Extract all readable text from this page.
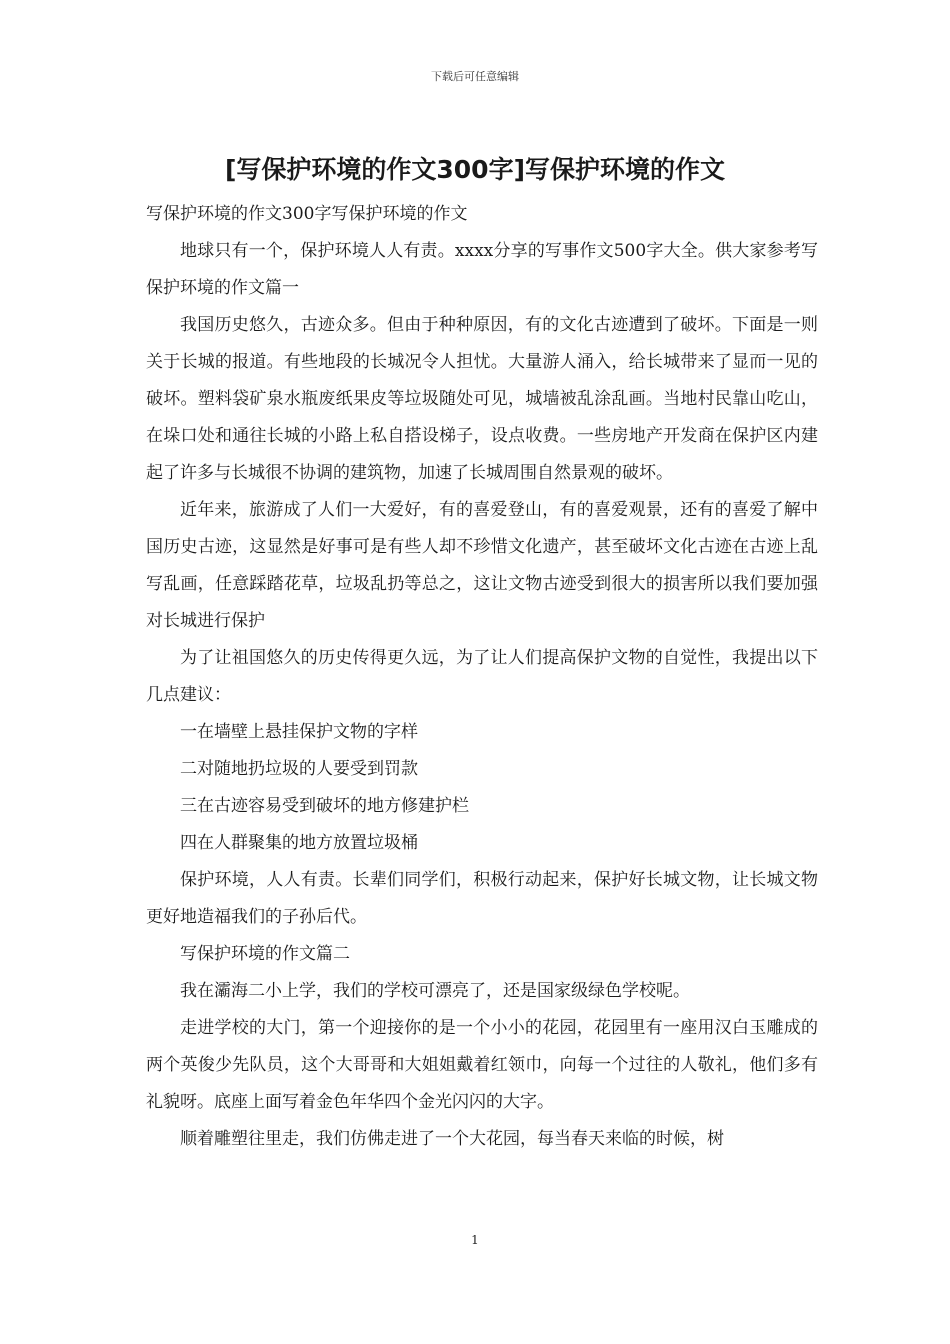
下载后可任意编辑
[写保护环境的作文300字]写保护环境的作文

写保护环境的作文300字写保护环境的作文

地球只有一个，保护环境人人有责。xxxx分享的写事作文500字大全。供大家参考写保护环境的作文篇一

我国历史悠久，古迹众多。但由于种种原因，有的文化古迹遭到了破坏。下面是一则关于长城的报道。有些地段的长城况令人担忧。大量游人涌入，给长城带来了显而一见的破坏。塑料袋矿泉水瓶废纸果皮等垃圾随处可见，城墙被乱涂乱画。当地村民靠山吃山，在垛口处和通往长城的小路上私自搭设梯子，设点收费。一些房地产开发商在保护区内建起了许多与长城很不协调的建筑物，加速了长城周围自然景观的破坏。

近年来，旅游成了人们一大爱好，有的喜爱登山，有的喜爱观景，还有的喜爱了解中国历史古迹，这显然是好事可是有些人却不珍惜文化遗产，甚至破坏文化古迹在古迹上乱写乱画，任意踩踏花草，垃圾乱扔等总之，这让文物古迹受到很大的损害所以我们要加强对长城进行保护

为了让祖国悠久的历史传得更久远，为了让人们提高保护文物的自觉性，我提出以下几点建议：

一在墙壁上悬挂保护文物的字样

二对随地扔垃圾的人要受到罚款

三在古迹容易受到破坏的地方修建护栏

四在人群聚集的地方放置垃圾桶

保护环境，人人有责。长辈们同学们，积极行动起来，保护好长城文物，让长城文物更好地造福我们的子孙后代。

写保护环境的作文篇二

我在灞海二小上学，我们的学校可漂亮了，还是国家级绿色学校呢。

走进学校的大门，第一个迎接你的是一个小小的花园，花园里有一座用汉白玉雕成的两个英俊少先队员，这个大哥哥和大姐姐戴着红领巾，向每一个过往的人敬礼，他们多有礼貌呀。底座上面写着金色年华四个金光闪闪的大字。

顺着雕塑往里走，我们仿佛走进了一个大花园，每当春天来临的时候，树

1
